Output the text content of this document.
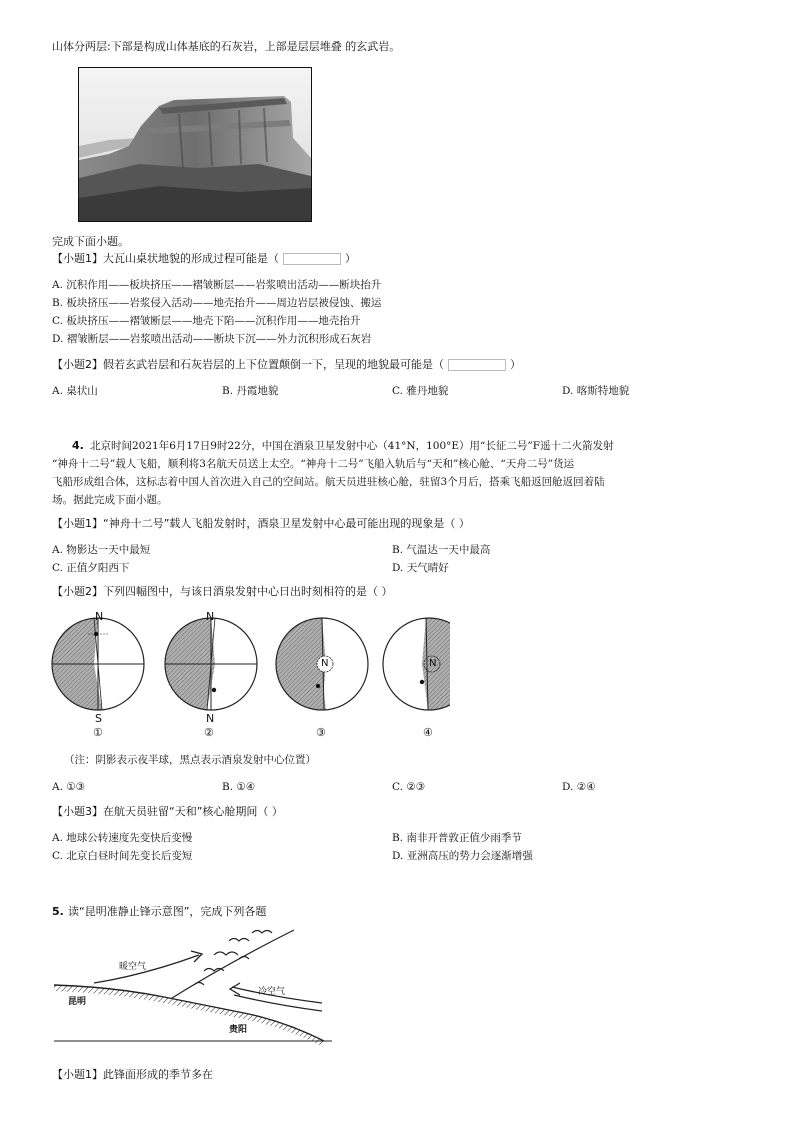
山体分两层:下部是构成山体基底的石灰岩，上部是层层堆叠 的玄武岩。
完成下面小题。
【小题1】大瓦山桌状地貌的形成过程可能是（	）
A. 沉积作用——板块挤压——褶皱断层——岩浆喷出活动——断块抬升
B. 板块挤压——岩浆侵入活动——地壳抬升——周边岩层被侵蚀、搬运
C. 板块挤压——褶皱断层——地壳下陷——沉积作用——地壳抬升
D. 褶皱断层——岩浆喷出活动——断块下沉——外力沉积形成石灰岩
【小题2】假若玄武岩层和石灰岩层的上下位置颠倒一下，呈现的地貌最可能是（	）
A. 桌状山	B. 丹霞地貌	C. 雅丹地貌	D. 喀斯特地貌
4. 北京时间2021年6月17日9时22分，中国在酒泉卫星发射中心（41°N，100°E）用“长征二号”F遥十二火箭发射
“神舟十二号”载人飞船，顺利将3名航天员送上太空。“神舟十二号”飞船入轨后与“天和”核心舱、“天舟二号”货运
飞船形成组合体，这标志着中国人首次进入自己的空间站。航天员进驻核心舱，驻留3个月后，搭乘飞船返回舱返回着陆
场。据此完成下面小题。
【小题1】“神舟十二号”载人飞船发射时，酒泉卫星发射中心最可能出现的现象是（ ）
A. 物影达一天中最短	B. 气温达一天中最高
C. 正值夕阳西下	D. 天气晴好
【小题2】下列四幅图中，与该日酒泉发射中心日出时刻相符的是（ ）
N
S
N
N
N	N
①	②	③	④
（注：阴影表示夜半球，黑点表示酒泉发射中心位置）
A. ①③	B. ①④	C. ②③	D. ②④
【小题3】在航天员驻留“天和”核心舱期间（ ）
A. 地球公转速度先变快后变慢	B. 南非开普敦正值少雨季节
C. 北京白昼时间先变长后变短	D. 亚洲高压的势力会逐渐增强
5. 读“昆明准静止锋示意图”，完成下列各题
暖空气
冷空气
昆明
贵阳
【小题1】此锋面形成的季节多在
